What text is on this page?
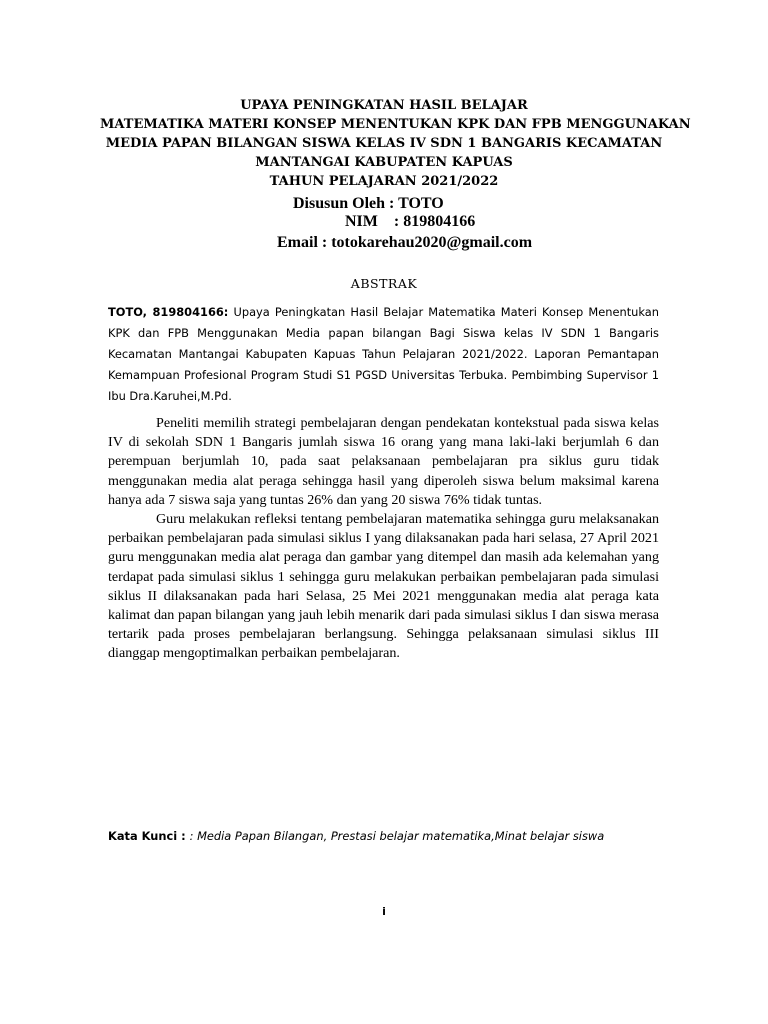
UPAYA PENINGKATAN HASIL BELAJAR
MATEMATIKA MATERI KONSEP MENENTUKAN KPK DAN FPB MENGGUNAKAN
MEDIA PAPAN BILANGAN SISWA KELAS IV SDN 1 BANGARIS KECAMATAN
MANTANGAI KABUPATEN KAPUAS
TAHUN PELAJARAN 2021/2022
Disusun Oleh : TOTO
NIM    : 819804166
Email : totokarehau2020@gmail.com
ABSTRAK
TOTO, 819804166: Upaya Peningkatan Hasil Belajar Matematika Materi Konsep Menentukan KPK dan FPB Menggunakan Media papan bilangan Bagi Siswa kelas IV SDN 1 Bangaris Kecamatan Mantangai Kabupaten Kapuas Tahun Pelajaran 2021/2022. Laporan Pemantapan Kemampuan Profesional Program Studi S1 PGSD Universitas Terbuka. Pembimbing Supervisor 1 Ibu Dra.Karuhei,M.Pd.

Peneliti memilih strategi pembelajaran dengan pendekatan kontekstual pada siswa kelas IV di sekolah SDN 1 Bangaris jumlah siswa 16 orang yang mana laki-laki berjumlah 6 dan perempuan berjumlah 10, pada saat pelaksanaan pembelajaran pra siklus guru tidak menggunakan media alat peraga sehingga hasil yang diperoleh siswa belum maksimal karena hanya ada 7 siswa saja yang tuntas 26% dan yang 20 siswa 76% tidak tuntas.

Guru melakukan refleksi tentang pembelajaran matematika sehingga guru melaksanakan perbaikan pembelajaran pada simulasi siklus I yang dilaksanakan pada hari selasa, 27 April 2021 guru menggunakan media alat peraga dan gambar yang ditempel dan masih ada kelemahan yang terdapat pada simulasi siklus 1 sehingga guru melakukan perbaikan pembelajaran pada simulasi siklus II dilaksanakan pada hari Selasa, 25 Mei 2021 menggunakan media alat peraga kata kalimat dan papan bilangan yang jauh lebih menarik dari pada simulasi siklus I dan siswa merasa tertarik pada proses pembelajaran berlangsung. Sehingga pelaksanaan simulasi siklus III dianggap mengoptimalkan perbaikan pembelajaran.

Kata Kunci : : Media Papan Bilangan, Prestasi belajar matematika,Minat belajar siswa
i
